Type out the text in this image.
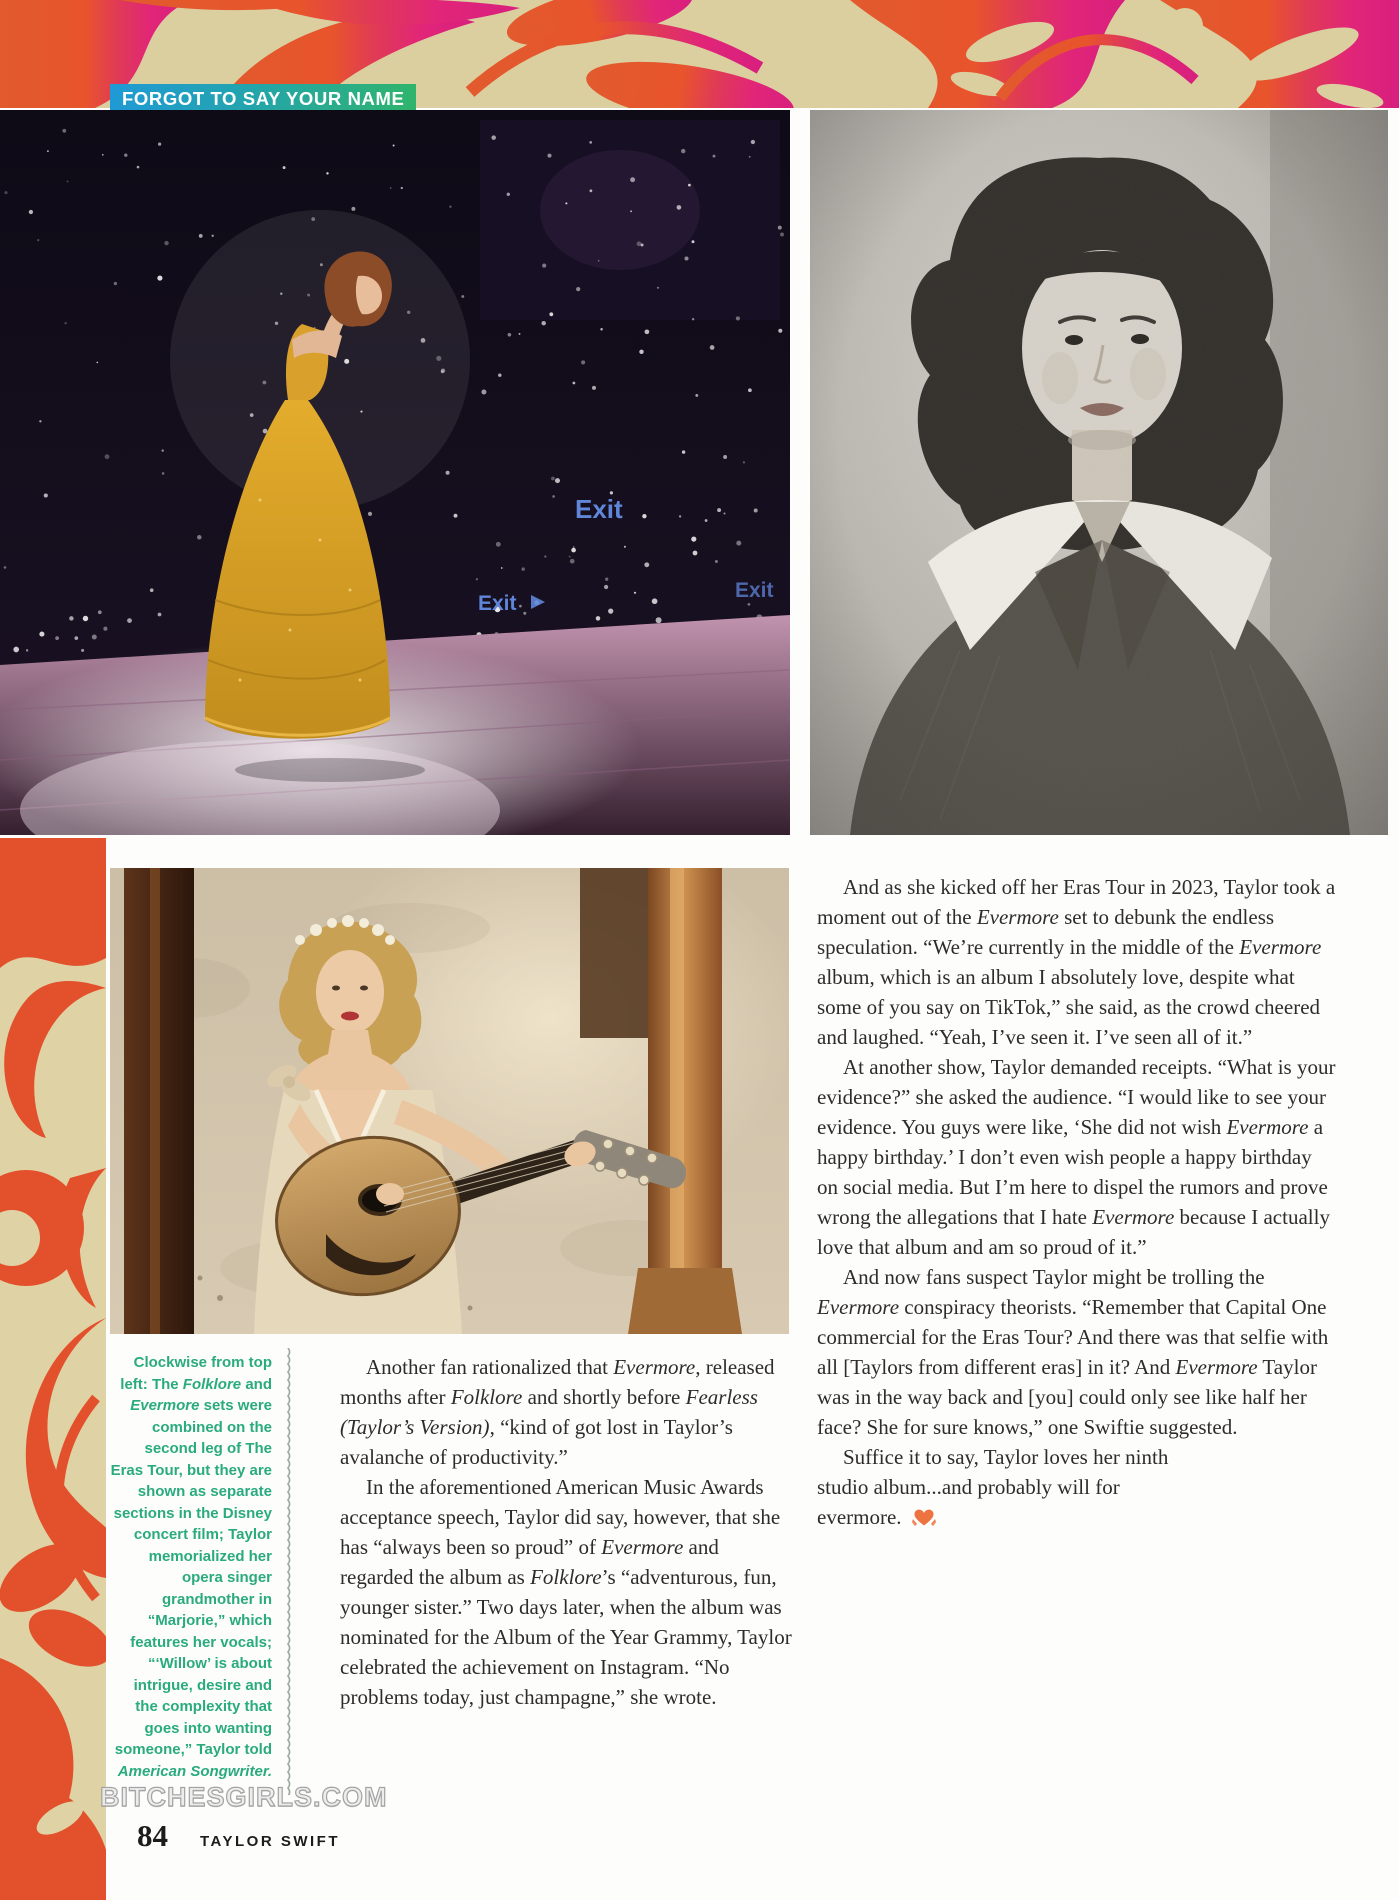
FORGOT TO SAY YOUR NAME
Exit
Exit
Exit
Clockwise from top left: The Folklore and Evermore sets were combined on the second leg of The Eras Tour, but they are shown as separate sections in the Disney concert film; Taylor memorialized her opera singer grandmother in “Marjorie,” which features her vocals; “‘Willow’ is about intrigue, desire and the complexity that goes into wanting someone,” Taylor told American Songwriter.

Another fan rationalized that Evermore, released months after Folklore and shortly before Fearless (Taylor’s Version), “kind of got lost in Taylor’s avalanche of productivity.”

In the aforementioned American Music Awards acceptance speech, Taylor did say, however, that she has “always been so proud” of Evermore and regarded the album as Folklore’s “adventurous, fun, younger sister.” Two days later, when the album was nominated for the Album of the Year Grammy, Taylor celebrated the achievement on Instagram. “No problems today, just champagne,” she wrote.

And as she kicked off her Eras Tour in 2023, Taylor took a moment out of the Evermore set to debunk the endless speculation. “We’re currently in the middle of the Evermore album, which is an album I absolutely love, despite what some of you say on TikTok,” she said, as the crowd cheered and laughed. “Yeah, I’ve seen it. I’ve seen all of it.”

At another show, Taylor demanded receipts. “What is your evidence?” she asked the audience. “I would like to see your evidence. You guys were like, ‘She did not wish Evermore a happy birthday.’ I don’t even wish people a happy birthday on social media. But I’m here to dispel the rumors and prove wrong the allegations that I hate Evermore because I actually love that album and am so proud of it.”

And now fans suspect Taylor might be trolling the Evermore conspiracy theorists. “Remember that Capital One commercial for the Eras Tour? And there was that selfie with all [Taylors from different eras] in it? And Evermore Taylor was in the way back and [you] could only see like half her face? She for sure knows,” one Swiftie suggested.

Suffice it to say, Taylor loves her ninth studio album...and probably will for evermore.

BITCHESGIRLS.COM
84 TAYLOR SWIFT
